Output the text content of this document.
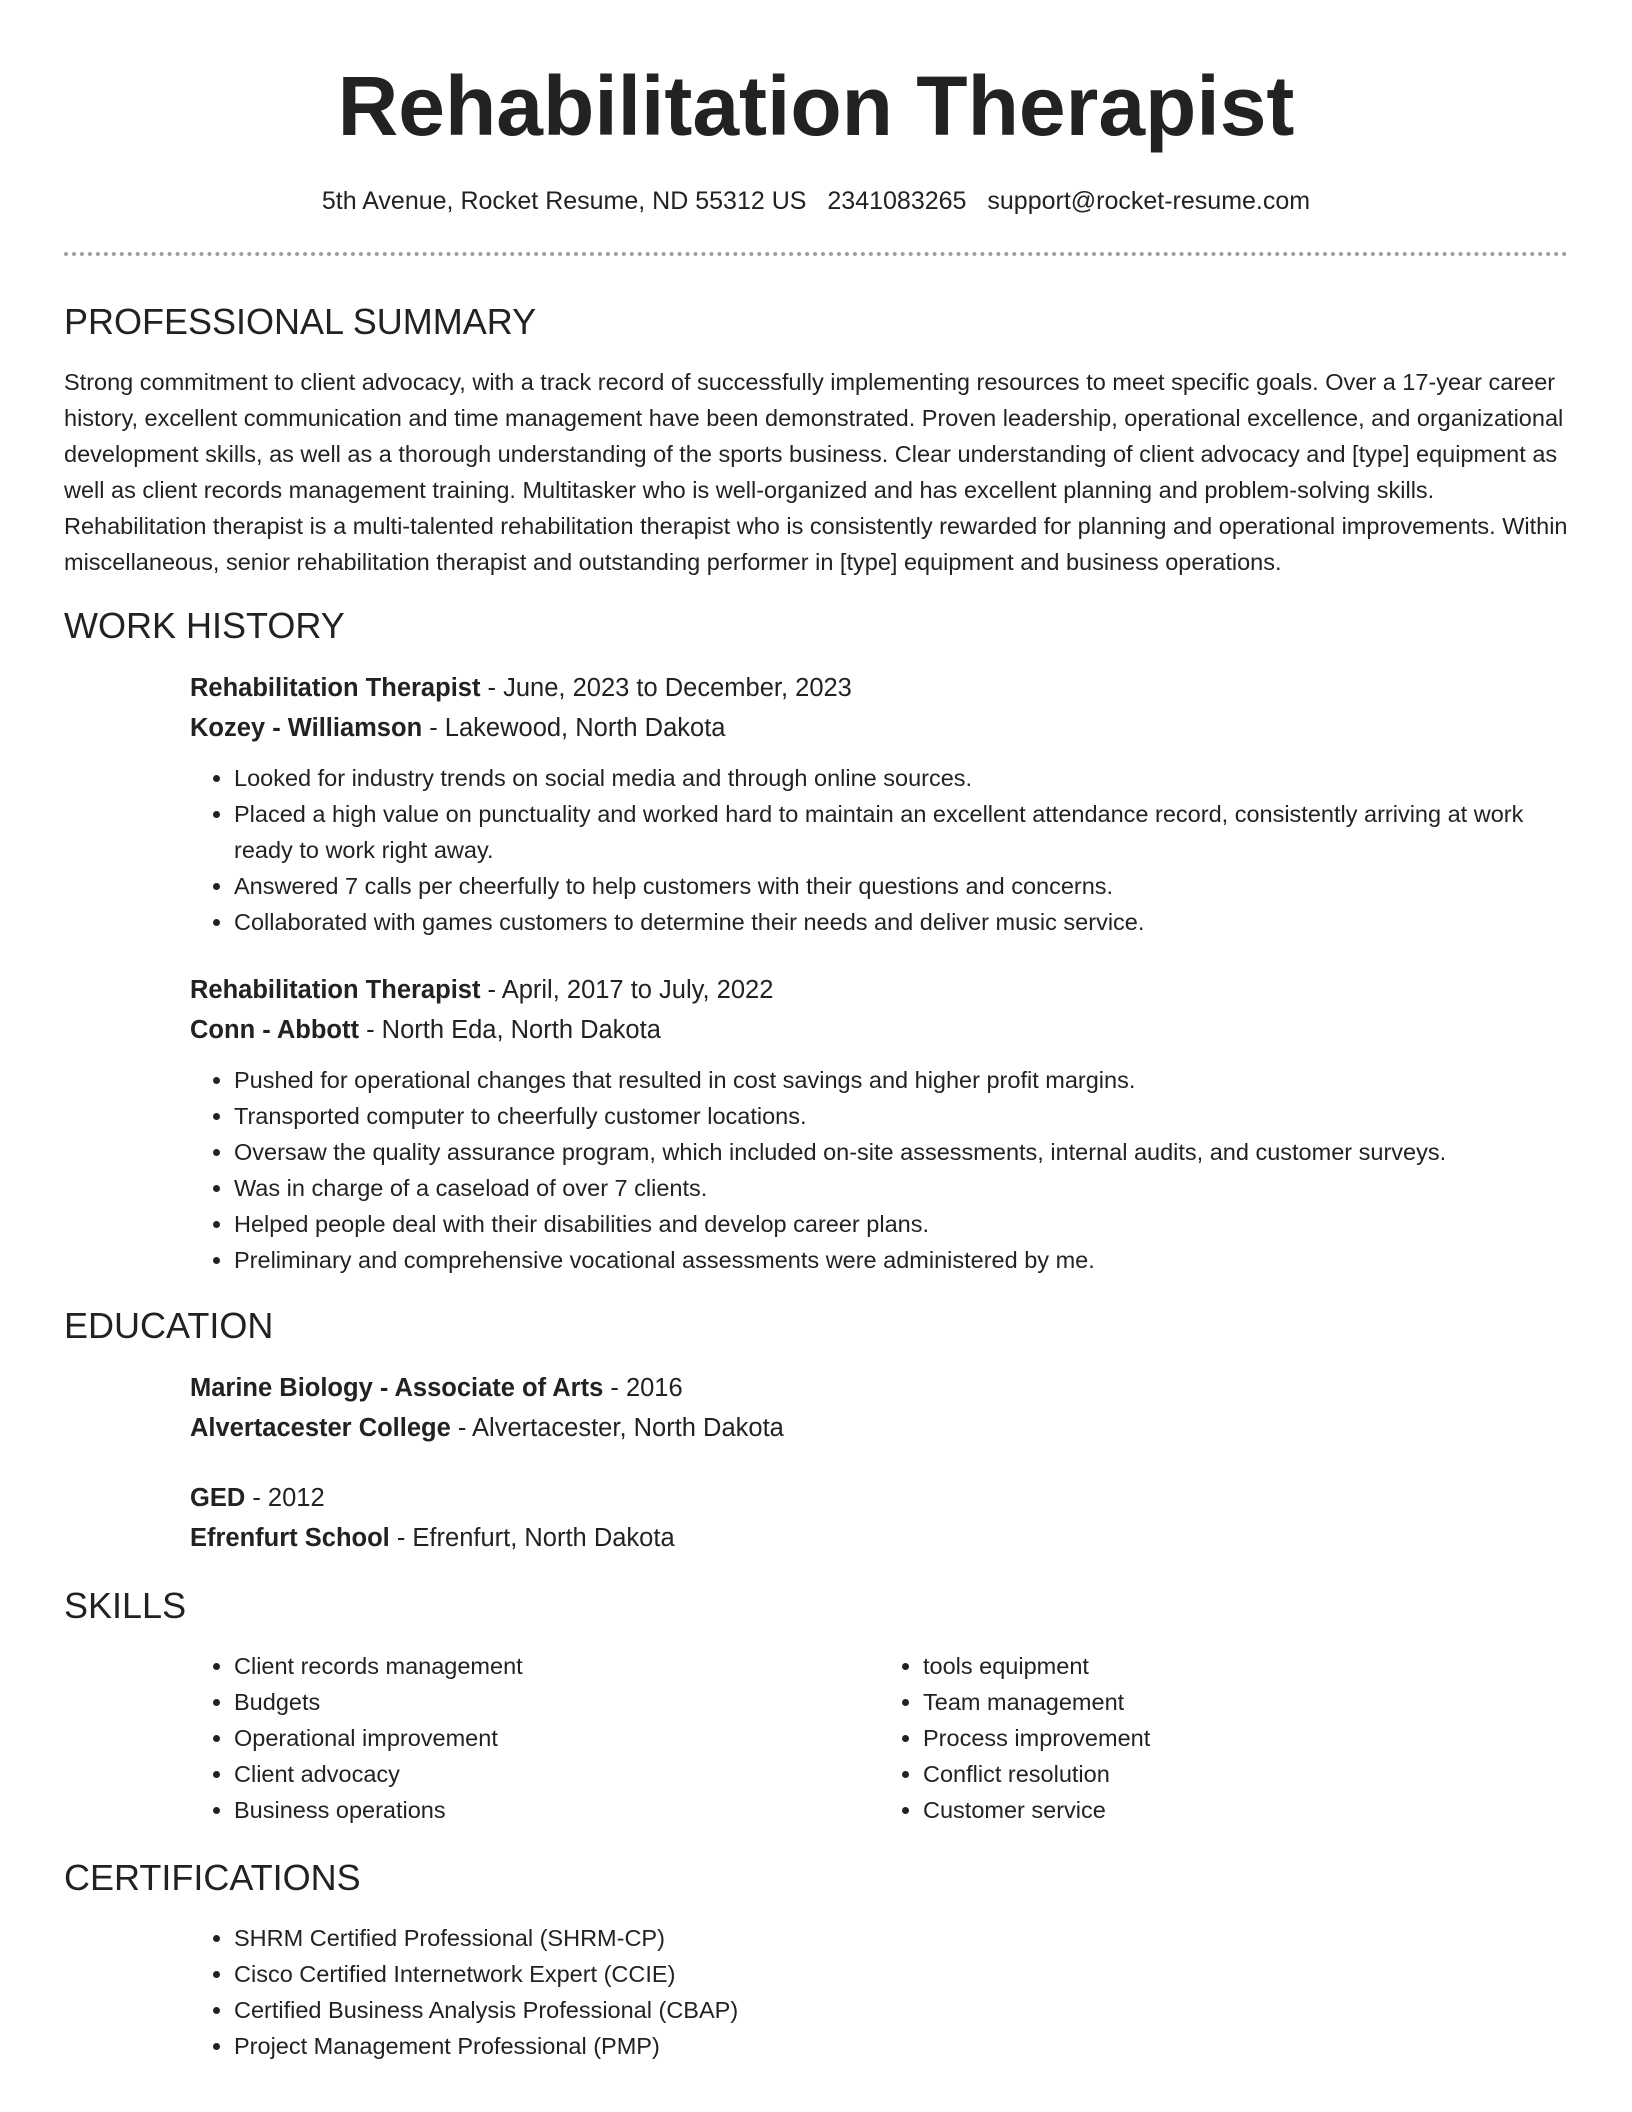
Rehabilitation Therapist
5th Avenue, Rocket Resume, ND 55312 US 2341083265 support@rocket-resume.com
PROFESSIONAL SUMMARY

Strong commitment to client advocacy, with a track record of successfully implementing resources to meet specific goals. Over a 17-year career history, excellent communication and time management have been demonstrated. Proven leadership, operational excellence, and organizational development skills, as well as a thorough understanding of the sports business. Clear understanding of client advocacy and [type] equipment as well as client records management training. Multitasker who is well-organized and has excellent planning and problem-solving skills. Rehabilitation therapist is a multi-talented rehabilitation therapist who is consistently rewarded for planning and operational improvements. Within miscellaneous, senior rehabilitation therapist and outstanding performer in [type] equipment and business operations.

WORK HISTORY
Rehabilitation Therapist - June, 2023 to December, 2023
Kozey - Williamson - Lakewood, North Dakota
• Looked for industry trends on social media and through online sources.
• Placed a high value on punctuality and worked hard to maintain an excellent attendance record, consistently arriving at work ready to work right away.
• Answered 7 calls per cheerfully to help customers with their questions and concerns.
• Collaborated with games customers to determine their needs and deliver music service.
Rehabilitation Therapist - April, 2017 to July, 2022
Conn - Abbott - North Eda, North Dakota
• Pushed for operational changes that resulted in cost savings and higher profit margins.
• Transported computer to cheerfully customer locations.
• Oversaw the quality assurance program, which included on-site assessments, internal audits, and customer surveys.
• Was in charge of a caseload of over 7 clients.
• Helped people deal with their disabilities and develop career plans.
• Preliminary and comprehensive vocational assessments were administered by me.
EDUCATION
Marine Biology - Associate of Arts - 2016
Alvertacester College - Alvertacester, North Dakota
GED - 2012
Efrenfurt School - Efrenfurt, North Dakota
SKILLS
• Client records management
• Budgets
• Operational improvement
• Client advocacy
• Business operations
• tools equipment
• Team management
• Process improvement
• Conflict resolution
• Customer service
CERTIFICATIONS
• SHRM Certified Professional (SHRM-CP)
• Cisco Certified Internetwork Expert (CCIE)
• Certified Business Analysis Professional (CBAP)
• Project Management Professional (PMP)
